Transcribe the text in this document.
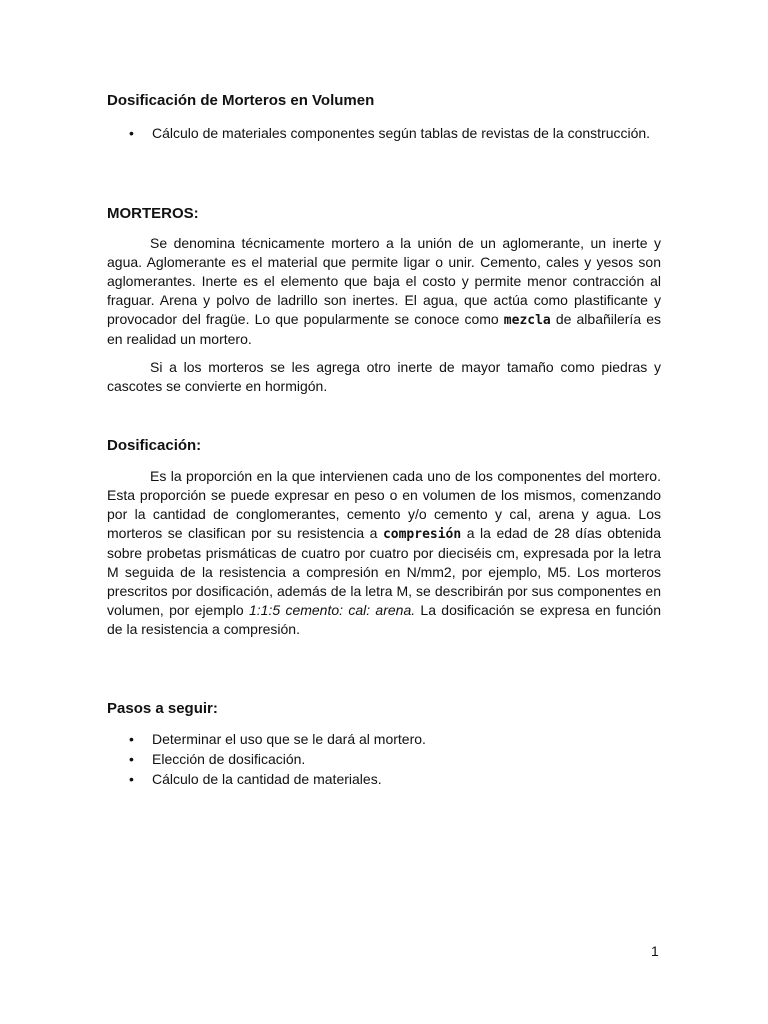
Dosificación de Morteros en Volumen
• Cálculo de materiales componentes según tablas de revistas de la construcción.
MORTEROS:

Se denomina técnicamente mortero a la unión de un aglomerante, un inerte y agua. Aglomerante es el material que permite ligar o unir. Cemento, cales y yesos son aglomerantes. Inerte es el elemento que baja el costo y permite menor contracción al fraguar. Arena y polvo de ladrillo son inertes. El agua, que actúa como plastificante y provocador del fragüe. Lo que popularmente se conoce como mezcla de albañilería es en realidad un mortero.

Si a los morteros se les agrega otro inerte de mayor tamaño como piedras y cascotes se convierte en hormigón.

Dosificación:

Es la proporción en la que intervienen cada uno de los componentes del mortero. Esta proporción se puede expresar en peso o en volumen de los mismos, comenzando por la cantidad de conglomerantes, cemento y/o cemento y cal, arena y agua. Los morteros se clasifican por su resistencia a compresión a la edad de 28 días obtenida sobre probetas prismáticas de cuatro por cuatro por dieciséis cm, expresada por la letra M seguida de la resistencia a compresión en N/mm2, por ejemplo, M5. Los morteros prescritos por dosificación, además de la letra M, se describirán por sus componentes en volumen, por ejemplo 1:1:5 cemento: cal: arena. La dosificación se expresa en función de la resistencia a compresión.

Pasos a seguir:
• Determinar el uso que se le dará al mortero.
• Elección de dosificación.
• Cálculo de la cantidad de materiales.
1
